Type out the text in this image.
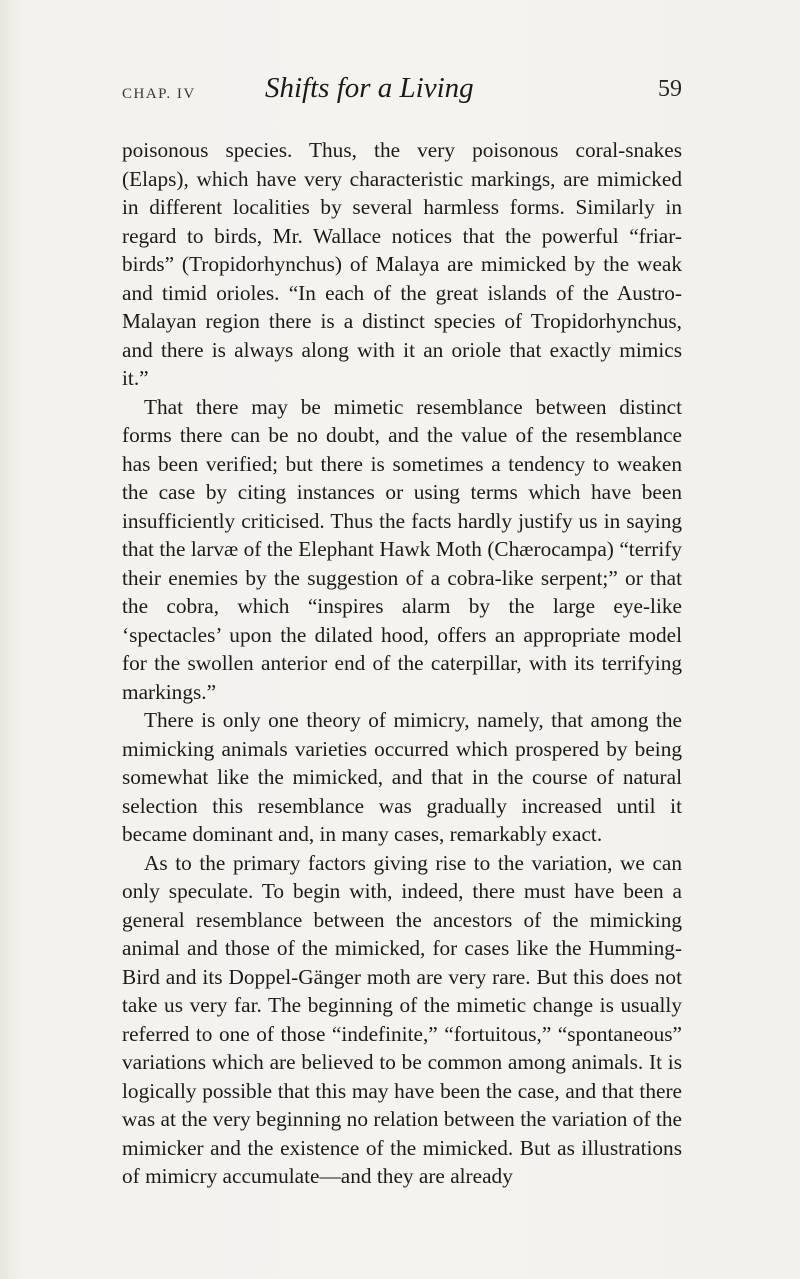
CHAP. IV Shifts for a Living	59

poisonous species. Thus, the very poisonous coral-snakes (Elaps), which have very characteristic markings, are mimicked in different localities by several harmless forms. Similarly in regard to birds, Mr. Wallace notices that the powerful “friar-birds” (Tropidorhynchus) of Malaya are mimicked by the weak and timid orioles. “In each of the great islands of the Austro-Malayan region there is a distinct species of Tropidorhynchus, and there is always along with it an oriole that exactly mimics it.”

That there may be mimetic resemblance between distinct forms there can be no doubt, and the value of the resemblance has been verified; but there is sometimes a tendency to weaken the case by citing instances or using terms which have been insufficiently criticised. Thus the facts hardly justify us in saying that the larvæ of the Elephant Hawk Moth (Chærocampa) “terrify their enemies by the suggestion of a cobra-like serpent;” or that the cobra, which “inspires alarm by the large eye-like ‘spectacles’ upon the dilated hood, offers an appropriate model for the swollen anterior end of the caterpillar, with its terrifying markings.”

There is only one theory of mimicry, namely, that among the mimicking animals varieties occurred which prospered by being somewhat like the mimicked, and that in the course of natural selection this resemblance was gradually increased until it became dominant and, in many cases, remarkably exact.

As to the primary factors giving rise to the variation, we can only speculate. To begin with, indeed, there must have been a general resemblance between the ancestors of the mimicking animal and those of the mimicked, for cases like the Humming-Bird and its Doppel-Gänger moth are very rare. But this does not take us very far. The beginning of the mimetic change is usually referred to one of those “indefinite,” “fortuitous,” “spontaneous” variations which are believed to be common among animals. It is logically possible that this may have been the case, and that there was at the very beginning no relation between the variation of the mimicker and the existence of the mimicked. But as illustrations of mimicry accumulate—and they are already
